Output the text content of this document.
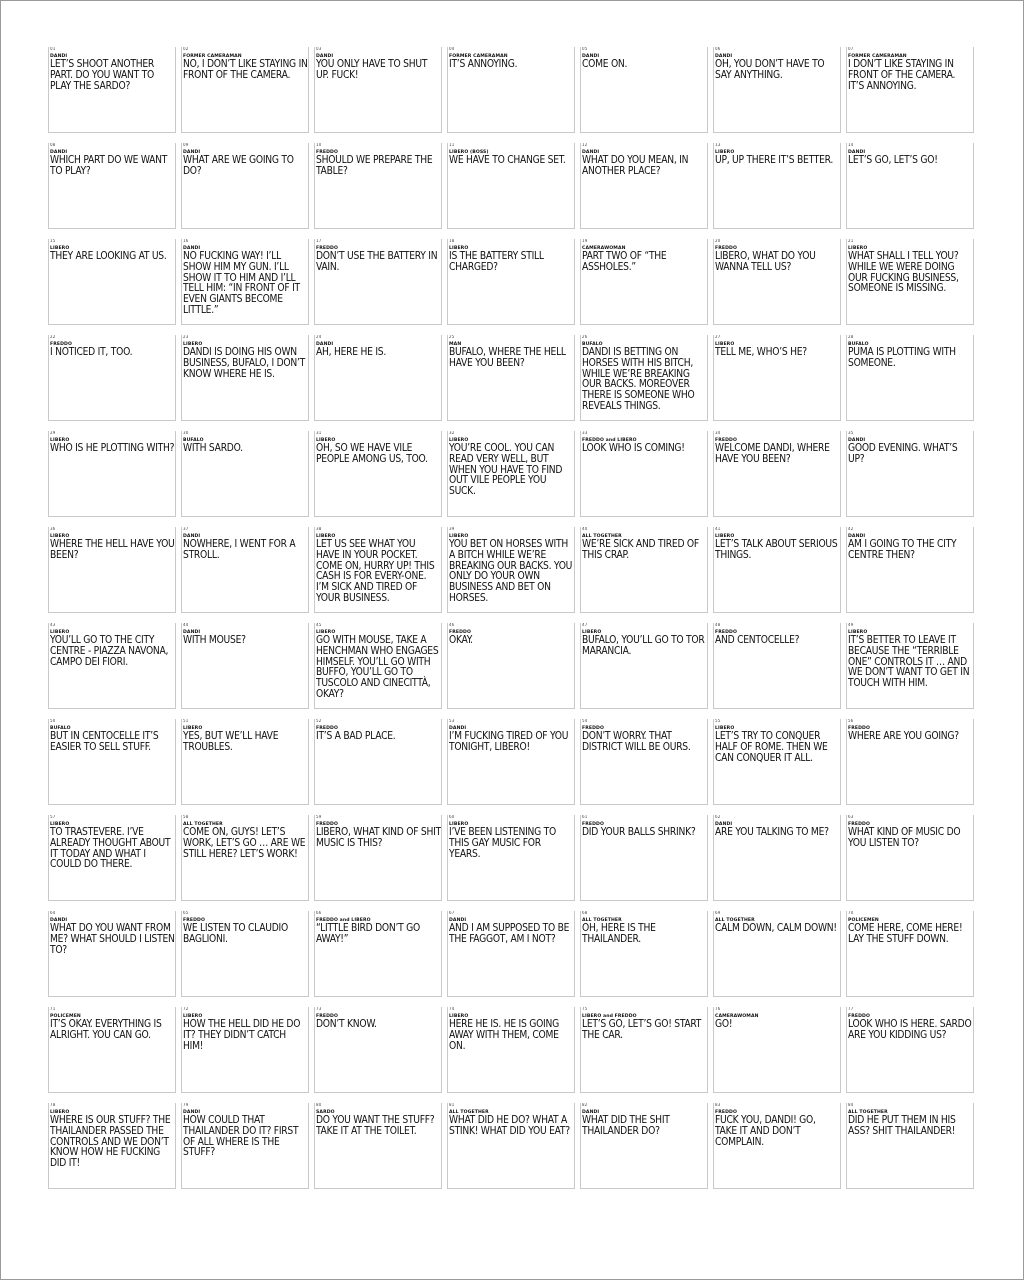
01
DANDI
LET’S SHOOT ANOTHER PART. DO YOU WANT TO PLAY THE SARDO?
02
FORMER CAMERAMAN
NO, I DON’T LIKE STAYING IN FRONT OF THE CAMERA.
03
DANDI
YOU ONLY HAVE TO SHUT UP. FUCK!
04
FORMER CAMERAMAN
IT’S ANNOYING.
05
DANDI
COME ON.
06
DANDI
OH, YOU DON’T HAVE TO SAY ANYTHING.
07
FORMER CAMERAMAN
I DON’T LIKE STAYING IN FRONT OF THE CAMERA. IT’S ANNOYING.
08
DANDI
WHICH PART DO WE WANT TO PLAY?
09
DANDI
WHAT ARE WE GOING TO DO?
10
FREDDO
SHOULD WE PREPARE THE TABLE?
11
LIBERO (BOSS)
WE HAVE TO CHANGE SET.
12
DANDI
WHAT DO YOU MEAN, IN ANOTHER PLACE?
13
LIBERO
UP, UP THERE IT’S BETTER.
14
DANDI
LET’S GO, LET’S GO!
15
LIBERO
THEY ARE LOOKING AT US.
16
DANDI
NO FUCKING WAY! I’LL SHOW HIM MY GUN. I’LL SHOW IT TO HIM AND I’LL TELL HIM: “IN FRONT OF IT EVEN GIANTS BECOME LITTLE.”
17
FREDDO
DON’T USE THE BATTERY IN VAIN.
18
LIBERO
IS THE BATTERY STILL CHARGED?
19
CAMERAWOMAN
PART TWO OF “THE ASSHOLES.”
20
FREDDO
LIBERO, WHAT DO YOU WANNA TELL US?
21
LIBERO
WHAT SHALL I TELL YOU? WHILE WE WERE DOING OUR FUCKING BUSINESS, SOMEONE IS MISSING.
22
FREDDO
I NOTICED IT, TOO.
23
LIBERO
DANDI IS DOING HIS OWN BUSINESS, BUFALO, I DON’T KNOW WHERE HE IS.
24
DANDI
AH, HERE HE IS.
25
MAN
BUFALO, WHERE THE HELL HAVE YOU BEEN?
26
BUFALO
DANDI IS BETTING ON HORSES WITH HIS BITCH, WHILE WE’RE BREAKING OUR BACKS. MOREOVER THERE IS SOMEONE WHO REVEALS THINGS.
27
LIBERO
TELL ME, WHO’S HE?
28
BUFALO
PUMA IS PLOTTING WITH SOMEONE.
29
LIBERO
WHO IS HE PLOTTING WITH?
30
BUFALO
WITH SARDO.
31
LIBERO
OH, SO WE HAVE VILE PEOPLE AMONG US, TOO.
32
LIBERO
YOU’RE COOL. YOU CAN READ VERY WELL, BUT WHEN YOU HAVE TO FIND OUT VILE PEOPLE YOU SUCK.
33
FREDDO and LIBERO
LOOK WHO IS COMING!
34
FREDDO
WELCOME DANDI, WHERE HAVE YOU BEEN?
35
DANDI
GOOD EVENING. WHAT’S UP?
36
LIBERO
WHERE THE HELL HAVE YOU BEEN?
37
DANDI
NOWHERE, I WENT FOR A STROLL.
38
LIBERO
LET US SEE WHAT YOU HAVE IN YOUR POCKET. COME ON, HURRY UP! THIS CASH IS FOR EVERY-ONE. I’M SICK AND TIRED OF YOUR BUSINESS.
39
LIBERO
YOU BET ON HORSES WITH A BITCH WHILE WE’RE BREAKING OUR BACKS. YOU ONLY DO YOUR OWN BUSINESS AND BET ON HORSES.
40
ALL TOGETHER
WE’RE SICK AND TIRED OF THIS CRAP.
41
LIBERO
LET’S TALK ABOUT SERIOUS THINGS.
42
DANDI
AM I GOING TO THE CITY CENTRE THEN?
43
LIBERO
YOU’LL GO TO THE CITY CENTRE - PIAZZA NAVONA, CAMPO DEI FIORI.
44
DANDI
WITH MOUSE?
45
LIBERO
GO WITH MOUSE, TAKE A HENCHMAN WHO ENGAGES HIMSELF. YOU’LL GO WITH BUFFO, YOU’LL GO TO TUSCOLO AND CINECITTÀ, OKAY?
46
FREDDO
OKAY.
47
LIBERO
BUFALO, YOU’LL GO TO TOR MARANCIA.
48
FREDDO
AND CENTOCELLE?
49
LIBERO
IT’S BETTER TO LEAVE IT BECAUSE THE “TERRIBLE ONE” CONTROLS IT … AND WE DON’T WANT TO GET IN TOUCH WITH HIM.
50
BUFALO
BUT IN CENTOCELLE IT’S EASIER TO SELL STUFF.
51
LIBERO
YES, BUT WE’LL HAVE TROUBLES.
52
FREDDO
IT’S A BAD PLACE.
53
DANDI
I’M FUCKING TIRED OF YOU TONIGHT, LIBERO!
54
FREDDO
DON’T WORRY. THAT DISTRICT WILL BE OURS.
55
LIBERO
LET’S TRY TO CONQUER HALF OF ROME. THEN WE CAN CONQUER IT ALL.
56
FREDDO
WHERE ARE YOU GOING?
57
LIBERO
TO TRASTEVERE. I’VE ALREADY THOUGHT ABOUT IT TODAY AND WHAT I COULD DO THERE.
58
ALL TOGETHER
COME ON, GUYS! LET’S WORK, LET’S GO … ARE WE STILL HERE? LET’S WORK!
59
FREDDO
LIBERO, WHAT KIND OF SHIT MUSIC IS THIS?
60
LIBERO
I’VE BEEN LISTENING TO THIS GAY MUSIC FOR YEARS.
61
FREDDO
DID YOUR BALLS SHRINK?
62
DANDI
ARE YOU TALKING TO ME?
63
FREDDO
WHAT KIND OF MUSIC DO YOU LISTEN TO?
64
DANDI
WHAT DO YOU WANT FROM ME? WHAT SHOULD I LISTEN TO?
65
FREDDO
WE LISTEN TO CLAUDIO BAGLIONI.
66
FREDDO and LIBERO
“LITTLE BIRD DON’T GO AWAY!”
67
DANDI
AND I AM SUPPOSED TO BE THE FAGGOT, AM I NOT?
68
ALL TOGETHER
OH, HERE IS THE THAILANDER.
69
ALL TOGETHER
CALM DOWN, CALM DOWN!
70
POLICEMEN
COME HERE, COME HERE! LAY THE STUFF DOWN.
71
POLICEMEN
IT’S OKAY. EVERYTHING IS ALRIGHT. YOU CAN GO.
72
LIBERO
HOW THE HELL DID HE DO IT? THEY DIDN’T CATCH HIM!
73
FREDDO
DON’T KNOW.
74
LIBERO
HERE HE IS. HE IS GOING AWAY WITH THEM, COME ON.
75
LIBERO and FREDDO
LET’S GO, LET’S GO! START THE CAR.
76
CAMERAWOMAN
GO!
77
FREDDO
LOOK WHO IS HERE. SARDO ARE YOU KIDDING US?
78
LIBERO
WHERE IS OUR STUFF? THE THAILANDER PASSED THE CONTROLS AND WE DON’T KNOW HOW HE FUCKING DID IT!
79
DANDI
HOW COULD THAT THAILANDER DO IT? FIRST OF ALL WHERE IS THE STUFF?
80
SARDO
DO YOU WANT THE STUFF? TAKE IT AT THE TOILET.
81
ALL TOGETHER
WHAT DID HE DO? WHAT A STINK! WHAT DID YOU EAT?
82
DANDI
WHAT DID THE SHIT THAILANDER DO?
83
FREDDO
FUCK YOU, DANDI! GO, TAKE IT AND DON’T COMPLAIN.
84
ALL TOGETHER
DID HE PUT THEM IN HIS ASS? SHIT THAILANDER!
